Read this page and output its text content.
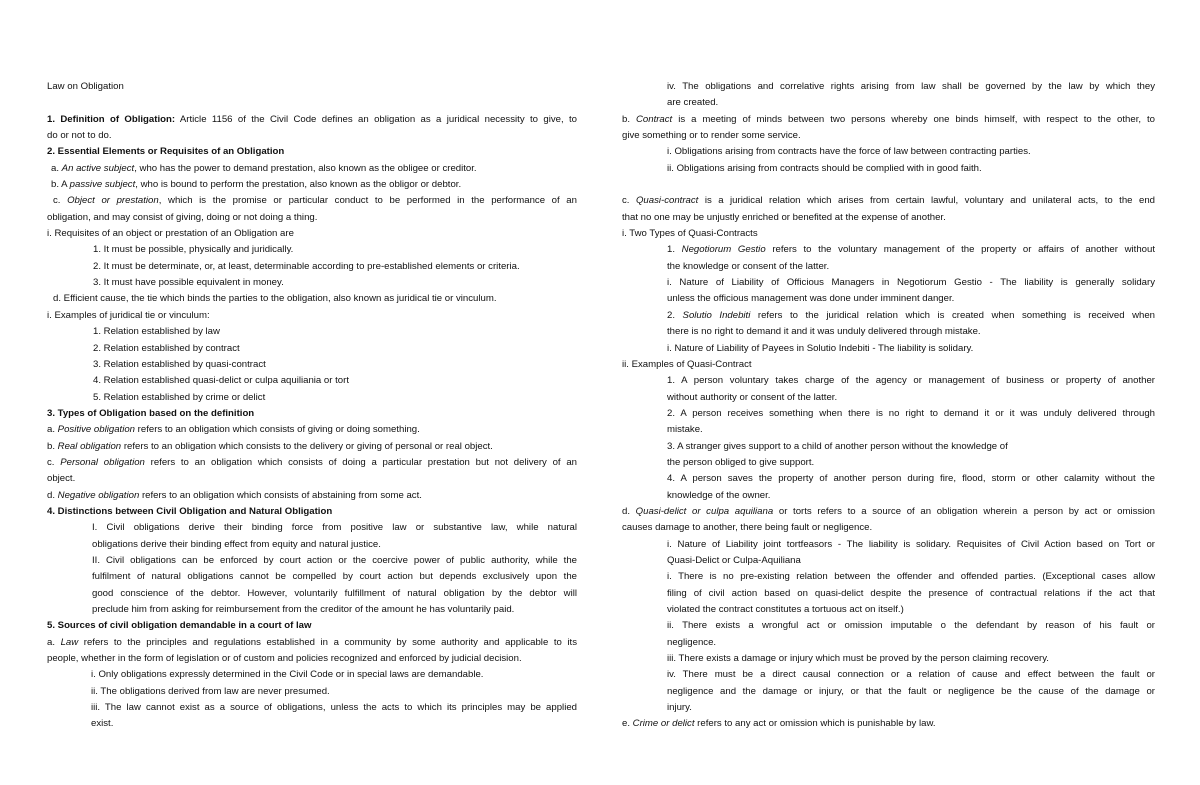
Law on Obligation
1. Definition of Obligation: Article 1156 of the Civil Code defines an obligation as a juridical necessity to give, to
do or not to do.
2. Essential Elements or Requisites of an Obligation
a. An active subject, who has the power to demand prestation, also known as the obligee or creditor.
b. A passive subject, who is bound to perform the prestation, also known as the obligor or debtor.
c. Object or prestation, which is the promise or particular conduct to be performed in the performance of an
obligation, and may consist of giving, doing or not doing a thing.
i. Requisites of an object or prestation of an Obligation are
1. It must be possible, physically and juridically.
2. It must be determinate, or, at least, determinable according to pre-established elements or criteria.
3. It must have possible equivalent in money.
d. Efficient cause, the tie which binds the parties to the obligation, also known as juridical tie or vinculum.
i. Examples of juridical tie or vinculum:
1. Relation established by law
2. Relation established by contract
3. Relation established by quasi-contract
4. Relation established quasi-delict or culpa aquiliania or tort
5. Relation established by crime or delict
3. Types of Obligation based on the definition
a. Positive obligation refers to an obligation which consists of giving or doing something.
b. Real obligation refers to an obligation which consists to the delivery or giving of personal or real object.
c. Personal obligation refers to an obligation which consists of doing a particular prestation but not delivery of an
object.
d. Negative obligation refers to an obligation which consists of abstaining from some act.
4. Distinctions between Civil Obligation and Natural Obligation
I. Civil obligations derive their binding force from positive law or substantive law, while natural
obligations derive their binding effect from equity and natural justice.
II. Civil obligations can be enforced by court action or the coercive power of public authority, while the
fulfilment of natural obligations cannot be compelled by court action but depends exclusively upon the
good conscience of the debtor. However, voluntarily fulfillment of natural obligation by the debtor will
preclude him from asking for reimbursement from the creditor of the amount he has voluntarily paid.
5. Sources of civil obligation demandable in a court of law
a. Law refers to the principles and regulations established in a community by some authority and applicable to its
people, whether in the form of legislation or of custom and policies recognized and enforced by judicial decision.
i. Only obligations expressly determined in the Civil Code or in special laws are demandable.
ii. The obligations derived from law are never presumed.
iii. The law cannot exist as a source of obligations, unless the acts to which its principles may be applied
exist.
iv. The obligations and correlative rights arising from law shall be governed by the law by which they
are created.
b. Contract is a meeting of minds between two persons whereby one binds himself, with respect to the other, to
give something or to render some service.
i. Obligations arising from contracts have the force of law between contracting parties.
ii. Obligations arising from contracts should be complied with in good faith.
c. Quasi-contract is a juridical relation which arises from certain lawful, voluntary and unilateral acts, to the end
that no one may be unjustly enriched or benefited at the expense of another.
i. Two Types of Quasi-Contracts
1. Negotiorum Gestio refers to the voluntary management of the property or affairs of another without
the knowledge or consent of the latter.
i. Nature of Liability of Officious Managers in Negotiorum Gestio - The liability is generally solidary
unless the officious management was done under imminent danger.
2. Solutio Indebiti refers to the juridical relation which is created when something is received when
there is no right to demand it and it was unduly delivered through mistake.
i. Nature of Liability of Payees in Solutio Indebiti - The liability is solidary.
ii. Examples of Quasi-Contract
1. A person voluntary takes charge of the agency or management of business or property of another
without authority or consent of the latter.
2. A person receives something when there is no right to demand it or it was unduly delivered through
mistake.
3. A stranger gives support to a child of another person without the knowledge of
the person obliged to give support.
4. A person saves the property of another person during fire, flood, storm or other calamity without the
knowledge of the owner.
d. Quasi-delict or culpa aquiliana or torts refers to a source of an obligation wherein a person by act or omission
causes damage to another, there being fault or negligence.
i. Nature of Liability joint tortfeasors - The liability is solidary. Requisites of Civil Action based on Tort or
Quasi-Delict or Culpa-Aquiliana
i. There is no pre-existing relation between the offender and offended parties. (Exceptional cases allow
filing of civil action based on quasi-delict despite the presence of contractual relations if the act that
violated the contract constitutes a tortuous act on itself.)
ii. There exists a wrongful act or omission imputable o the defendant by reason of his fault or
negligence.
iii. There exists a damage or injury which must be proved by the person claiming recovery.
iv. There must be a direct causal connection or a relation of cause and effect between the fault or
negligence and the damage or injury, or that the fault or negligence be the cause of the damage or
injury.
e. Crime or delict refers to any act or omission which is punishable by law.
